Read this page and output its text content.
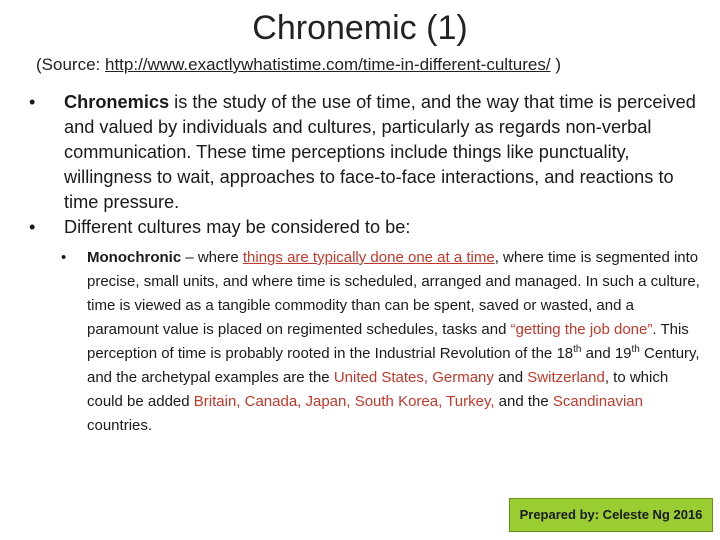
Chronemic (1)
(Source: http://www.exactlywhatistime.com/time-in-different-cultures/ )
• Chronemics is the study of the use of time, and the way that time is perceived and valued by individuals and cultures, particularly as regards non-verbal communication. These time perceptions include things like punctuality, willingness to wait, approaches to face-to-face interactions, and reactions to time pressure.
• Different cultures may be considered to be:
• Monochronic – where things are typically done one at a time, where time is segmented into precise, small units, and where time is scheduled, arranged and managed. In such a culture, time is viewed as a tangible commodity than can be spent, saved or wasted, and a paramount value is placed on regimented schedules, tasks and “getting the job done”. This perception of time is probably rooted in the Industrial Revolution of the 18th and 19th Century, and the archetypal examples are the United States, Germany and Switzerland, to which could be added Britain, Canada, Japan, South Korea, Turkey, and the Scandinavian countries.
Prepared by: Celeste Ng 2016
